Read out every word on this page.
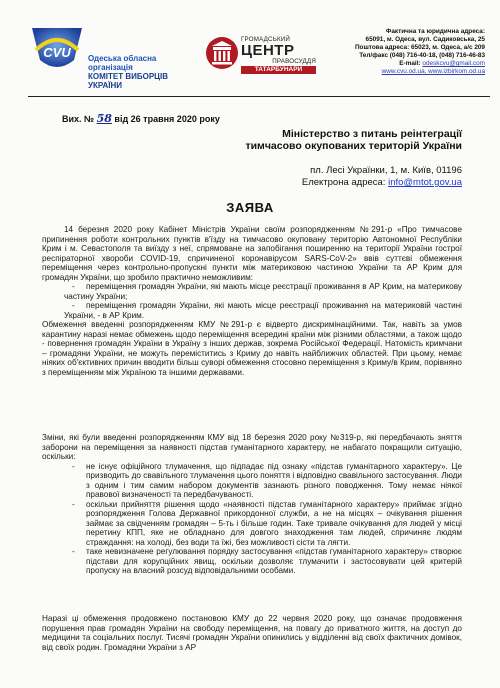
CVU Одеська обласна організація
КОМІТЕТ ВИБОРЦІВ УКРАЇНИ
ГРОМАДСЬКИЙ
ЦЕНТР
ПРАВОСУДДЯ
ТАТАРБУНАРИ
Фактична та юридична адреса:
65091, м. Одеса, вул. Садиковська, 25
Поштова адреса: 65023, м. Одеса, а/с 209
Тел/факс (048) 716-40-18, (048) 716-46-83
E-mail: odeskcvu@gmail.com
www.cvu.od.ua, www.izbirkom.od.ua
Вих. № 58 від 26 травня 2020 року
Міністерство з питань реінтеграції
тимчасово окупованих територій України
пл. Лесі Українки, 1, м. Київ, 01196
Електрона адреса: info@mtot.gov.ua
ЗАЯВА
14 березня 2020 року Кабінет Міністрів України своїм розпорядженням №291-р «Про тимчасове припинення роботи контрольних пунктів в'їзду на тимчасово окуповану територію Автономної Республіки Крим і м. Севастополя та виїзду з неї, спрямоване на запобігання поширенню на території України гострої респіраторної хвороби COVID-19, спричиненої коронавірусом SARS-CoV-2» ввів суттєві обмеження переміщення через контрольно-пропускні пункти між материковою частиною України та АР Крим для громадян України, що зробило практично неможливим:
- переміщення громадян України, які мають місце реєстрації проживання в АР Крим, на материкову частину України;
- переміщення громадян України, які мають місце реєстрації проживання на материковій частині України, - в АР Крим.
Обмеження введенні розпорядженням КМУ №291-р є відверто дискримінаційними. Так, навіть за умов карантину наразі немає обмежень щодо переміщення всередині країни між різними областями, а також щодо - повернення громадян України в Україну з інших держав, зокрема Російської Федерації. Натомість кримчани – громадяни України, не можуть переміститись з Криму до навіть найближчих областей. При цьому, немає ніяких об'єктивних причин вводити більш суворі обмеження стосовно переміщення з Криму/в Крим, порівняно з переміщенням між Україною та іншими державами.
Зміни, які були введенні розпорядженням КМУ від 18 березня 2020 року №319-р, які передбачають зняття заборони на переміщення за наявності підстав гуманітарного характеру, не набагато покращили ситуацію, оскільки:
- не існує офіційного тлумачення, що підпадає під ознаку «підстав гуманітарного характеру». Це призводить до свавільного тлумачення цього поняття і відповідно свавільного застосування. Люди з одним і тим самим набором документів зазнають різного поводження. Тому немає ніякої правової визначеності та передбачуваності.
- оскільки прийняття рішення щодо «наявності підстав гуманітарного характеру» приймає згідно розпорядження Голова Державної прикордонної служби, а не на місцях – очікування рішення займає за свідченням громадян – 5-ть і більше годин. Таке тривале очікування для людей у місці перетину КПП, яке не обладнано для довгого знаходження там людей, спричиняє людям страждання: на холоді, без води та їжі, без можливості сісти та лягти.
- таке невизначене регулювання порядку застосування «підстав гуманітарного характеру» створює підстави для корупційних явищ, оскільки дозволяє тлумачити і застосовувати цей критерій пропуску на власний розсуд відповідальними особами.
Наразі ці обмеження продовжено постановою КМУ до 22 червня 2020 року, що означає продовження порушення прав громадян України на свободу переміщення, на повагу до приватного життя, на доступ до медицини та соціальних послуг. Тисячі громадян України опинились у відділенні від своїх фактичних домівок, від своїх родин. Громадяни України з АР
